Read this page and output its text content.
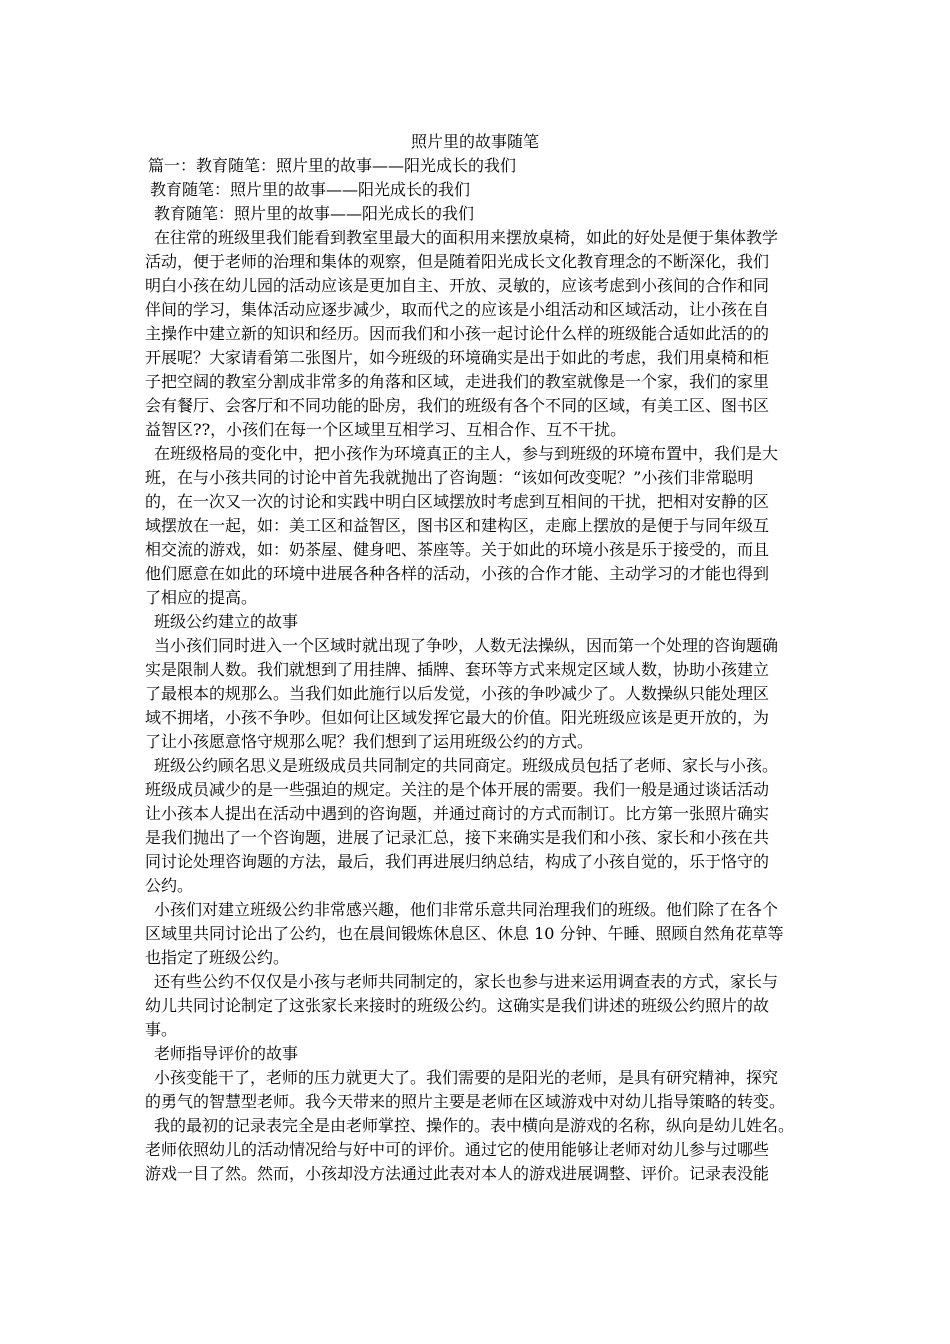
照片里的故事随笔
篇一：教育随笔：照片里的故事——阳光成长的我们
教育随笔：照片里的故事——阳光成长的我们
教育随笔：照片里的故事——阳光成长的我们
在往常的班级里我们能看到教室里最大的面积用来摆放桌椅，如此的好处是便于集体教学
活动，便于老师的治理和集体的观察，但是随着阳光成长文化教育理念的不断深化，我们
明白小孩在幼儿园的活动应该是更加自主、开放、灵敏的，应该考虑到小孩间的合作和同
伴间的学习，集体活动应逐步减少，取而代之的应该是小组活动和区域活动，让小孩在自
主操作中建立新的知识和经历。因而我们和小孩一起讨论什么样的班级能合适如此活的的
开展呢？大家请看第二张图片，如今班级的环境确实是出于如此的考虑，我们用桌椅和柜
子把空阔的教室分割成非常多的角落和区域，走进我们的教室就像是一个家，我们的家里
会有餐厅、会客厅和不同功能的卧房，我们的班级有各个不同的区域，有美工区、图书区
益智区??，小孩们在每一个区域里互相学习、互相合作、互不干扰。
在班级格局的变化中，把小孩作为环境真正的主人，参与到班级的环境布置中，我们是大
班，在与小孩共同的讨论中首先我就抛出了咨询题：“该如何改变呢？”小孩们非常聪明
的，在一次又一次的讨论和实践中明白区域摆放时考虑到互相间的干扰，把相对安静的区
域摆放在一起，如：美工区和益智区，图书区和建构区，走廊上摆放的是便于与同年级互
相交流的游戏，如：奶茶屋、健身吧、茶座等。关于如此的环境小孩是乐于接受的，而且
他们愿意在如此的环境中进展各种各样的活动，小孩的合作才能、主动学习的才能也得到
了相应的提高。
班级公约建立的故事
当小孩们同时进入一个区域时就出现了争吵，人数无法操纵，因而第一个处理的咨询题确
实是限制人数。我们就想到了用挂牌、插牌、套环等方式来规定区域人数，协助小孩建立
了最根本的规那么。当我们如此施行以后发觉，小孩的争吵减少了。人数操纵只能处理区
域不拥堵，小孩不争吵。但如何让区域发挥它最大的价值。阳光班级应该是更开放的，为
了让小孩愿意恪守规那么呢？我们想到了运用班级公约的方式。
班级公约顾名思义是班级成员共同制定的共同商定。班级成员包括了老师、家长与小孩。
班级成员减少的是一些强迫的规定。关注的是个体开展的需要。我们一般是通过谈话活动
让小孩本人提出在活动中遇到的咨询题，并通过商讨的方式而制订。比方第一张照片确实
是我们抛出了一个咨询题，进展了记录汇总，接下来确实是我们和小孩、家长和小孩在共
同讨论处理咨询题的方法，最后，我们再进展归纳总结，构成了小孩自觉的，乐于恪守的
公约。
小孩们对建立班级公约非常感兴趣，他们非常乐意共同治理我们的班级。他们除了在各个
区域里共同讨论出了公约，也在晨间锻炼休息区、休息 10 分钟、午睡、照顾自然角花草等
也指定了班级公约。
还有些公约不仅仅是小孩与老师共同制定的，家长也参与进来运用调查表的方式，家长与
幼儿共同讨论制定了这张家长来接时的班级公约。这确实是我们讲述的班级公约照片的故
事。
老师指导评价的故事
小孩变能干了，老师的压力就更大了。我们需要的是阳光的老师，是具有研究精神，探究
的勇气的智慧型老师。我今天带来的照片主要是老师在区域游戏中对幼儿指导策略的转变。
我的最初的记录表完全是由老师掌控、操作的。表中横向是游戏的名称，纵向是幼儿姓名。
老师依照幼儿的活动情况给与好中可的评价。通过它的使用能够让老师对幼儿参与过哪些
游戏一目了然。然而，小孩却没方法通过此表对本人的游戏进展调整、评价。记录表没能
